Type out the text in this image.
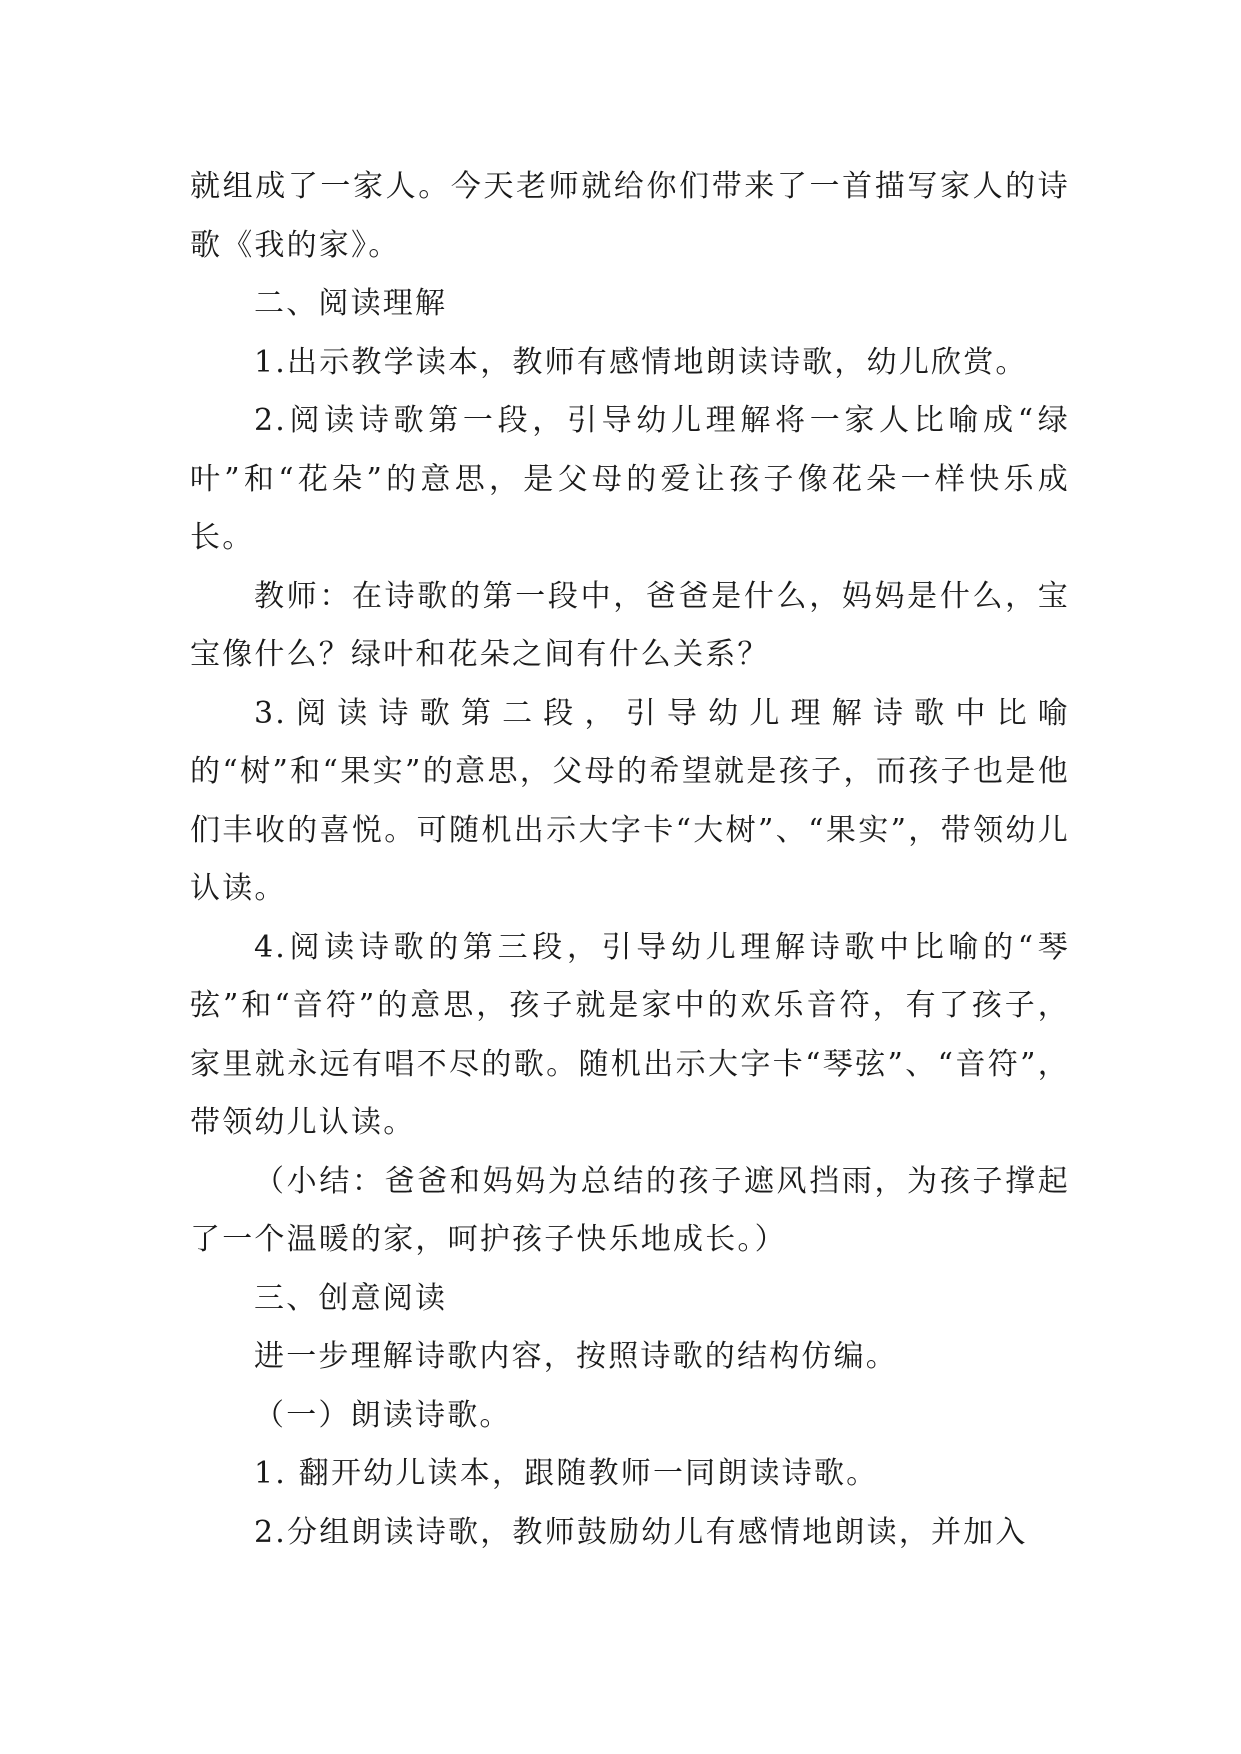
就组成了一家人。今天老师就给你们带来了一首描写家人的诗歌《我的家》。

二、阅读理解

1.出示教学读本，教师有感情地朗读诗歌，幼儿欣赏。

2.阅读诗歌第一段，引导幼儿理解将一家人比喻成“绿叶”和“花朵”的意思，是父母的爱让孩子像花朵一样快乐成长。

教师：在诗歌的第一段中，爸爸是什么，妈妈是什么，宝宝像什么？绿叶和花朵之间有什么关系？

3.阅读诗歌第二段，引导幼儿理解诗歌中比喻的“树”和“果实”的意思，父母的希望就是孩子，而孩子也是他们丰收的喜悦。可随机出示大字卡“大树”、“果实”，带领幼儿认读。

4.阅读诗歌的第三段，引导幼儿理解诗歌中比喻的“琴弦”和“音符”的意思，孩子就是家中的欢乐音符，有了孩子，家里就永远有唱不尽的歌。随机出示大字卡“琴弦”、“音符”，带领幼儿认读。

（小结：爸爸和妈妈为总结的孩子遮风挡雨，为孩子撑起了一个温暖的家，呵护孩子快乐地成长。）

三、创意阅读

进一步理解诗歌内容，按照诗歌的结构仿编。

（一）朗读诗歌。

1. 翻开幼儿读本，跟随教师一同朗读诗歌。

2.分组朗读诗歌，教师鼓励幼儿有感情地朗读，并加入
